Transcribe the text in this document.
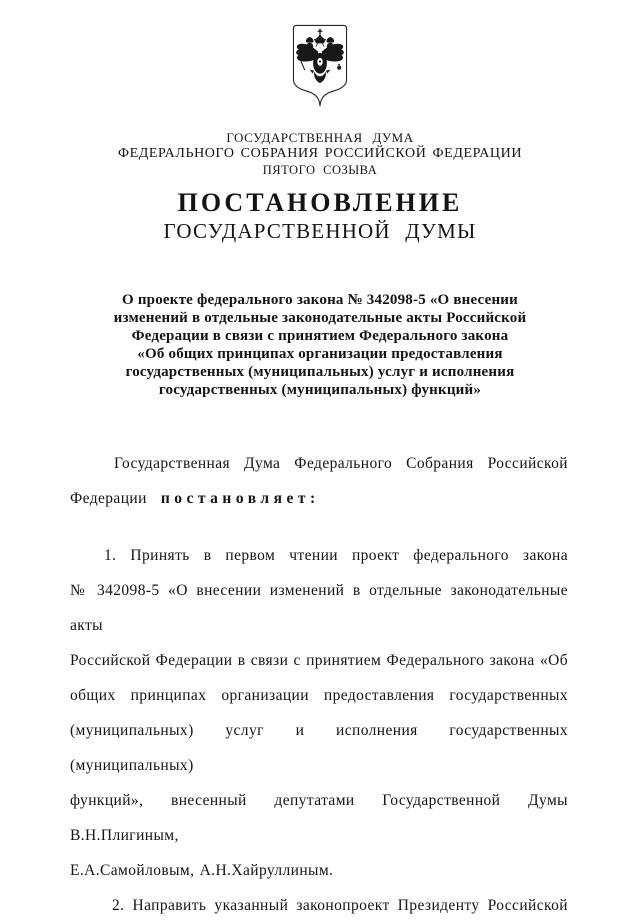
ГОСУДАРСТВЕННАЯ ДУМА
ФЕДЕРАЛЬНОГО СОБРАНИЯ РОССИЙСКОЙ ФЕДЕРАЦИИ
ПЯТОГО СОЗЫВА
ПОСТАНОВЛЕНИЕ
ГОСУДАРСТВЕННОЙ ДУМЫ
О проекте федерального закона № 342098-5 «О внесении
изменений в отдельные законодательные акты Российской
Федерации в связи с принятием Федерального закона
«Об общих принципах организации предоставления
государственных (муниципальных) услуг и исполнения
государственных (муниципальных) функций»
Государственная Дума Федерального Собрания Российской
Федерации постановляет:
1. Принять в первом чтении проект федерального закона
№ 342098-5 «О внесении изменений в отдельные законодательные акты
Российской Федерации в связи с принятием Федерального закона «Об
общих принципах организации предоставления государственных
(муниципальных) услуг и исполнения государственных (муниципальных)
функций», внесенный депутатами Государственной Думы В.Н.Плигиным,
Е.А.Самойловым, А.Н.Хайруллиным.
2. Направить указанный законопроект Президенту Российской
